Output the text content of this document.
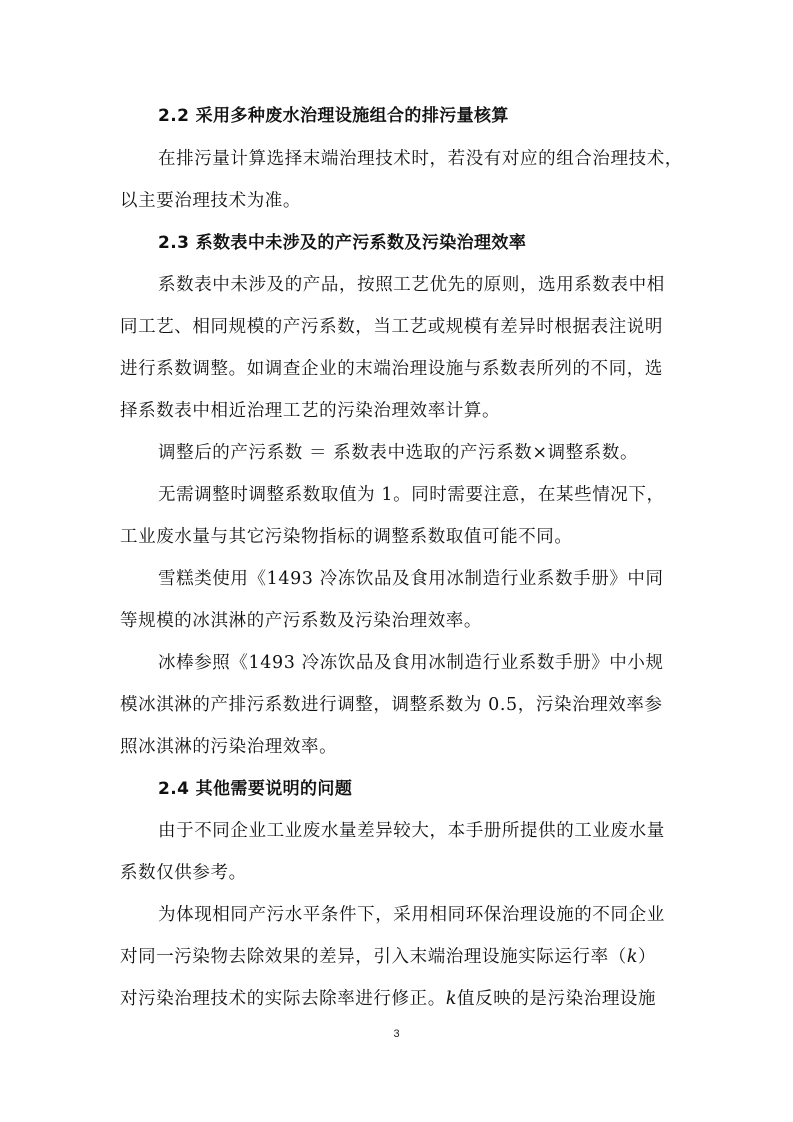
2.2 采用多种废水治理设施组合的排污量核算
在排污量计算选择末端治理技术时，若没有对应的组合治理技术，
以主要治理技术为准。
2.3 系数表中未涉及的产污系数及污染治理效率
系数表中未涉及的产品，按照工艺优先的原则，选用系数表中相
同工艺、相同规模的产污系数，当工艺或规模有差异时根据表注说明
进行系数调整。如调查企业的末端治理设施与系数表所列的不同，选
择系数表中相近治理工艺的污染治理效率计算。
调整后的产污系数 ＝ 系数表中选取的产污系数×调整系数。
无需调整时调整系数取值为 1。同时需要注意，在某些情况下，
工业废水量与其它污染物指标的调整系数取值可能不同。
雪糕类使用《1493 冷冻饮品及食用冰制造行业系数手册》中同
等规模的冰淇淋的产污系数及污染治理效率。
冰棒参照《1493 冷冻饮品及食用冰制造行业系数手册》中小规
模冰淇淋的产排污系数进行调整，调整系数为 0.5，污染治理效率参
照冰淇淋的污染治理效率。
2.4 其他需要说明的问题
由于不同企业工业废水量差异较大，本手册所提供的工业废水量
系数仅供参考。
为体现相同产污水平条件下，采用相同环保治理设施的不同企业
对同一污染物去除效果的差异，引入末端治理设施实际运行率（k）
对污染治理技术的实际去除率进行修正。k值反映的是污染治理设施
3
